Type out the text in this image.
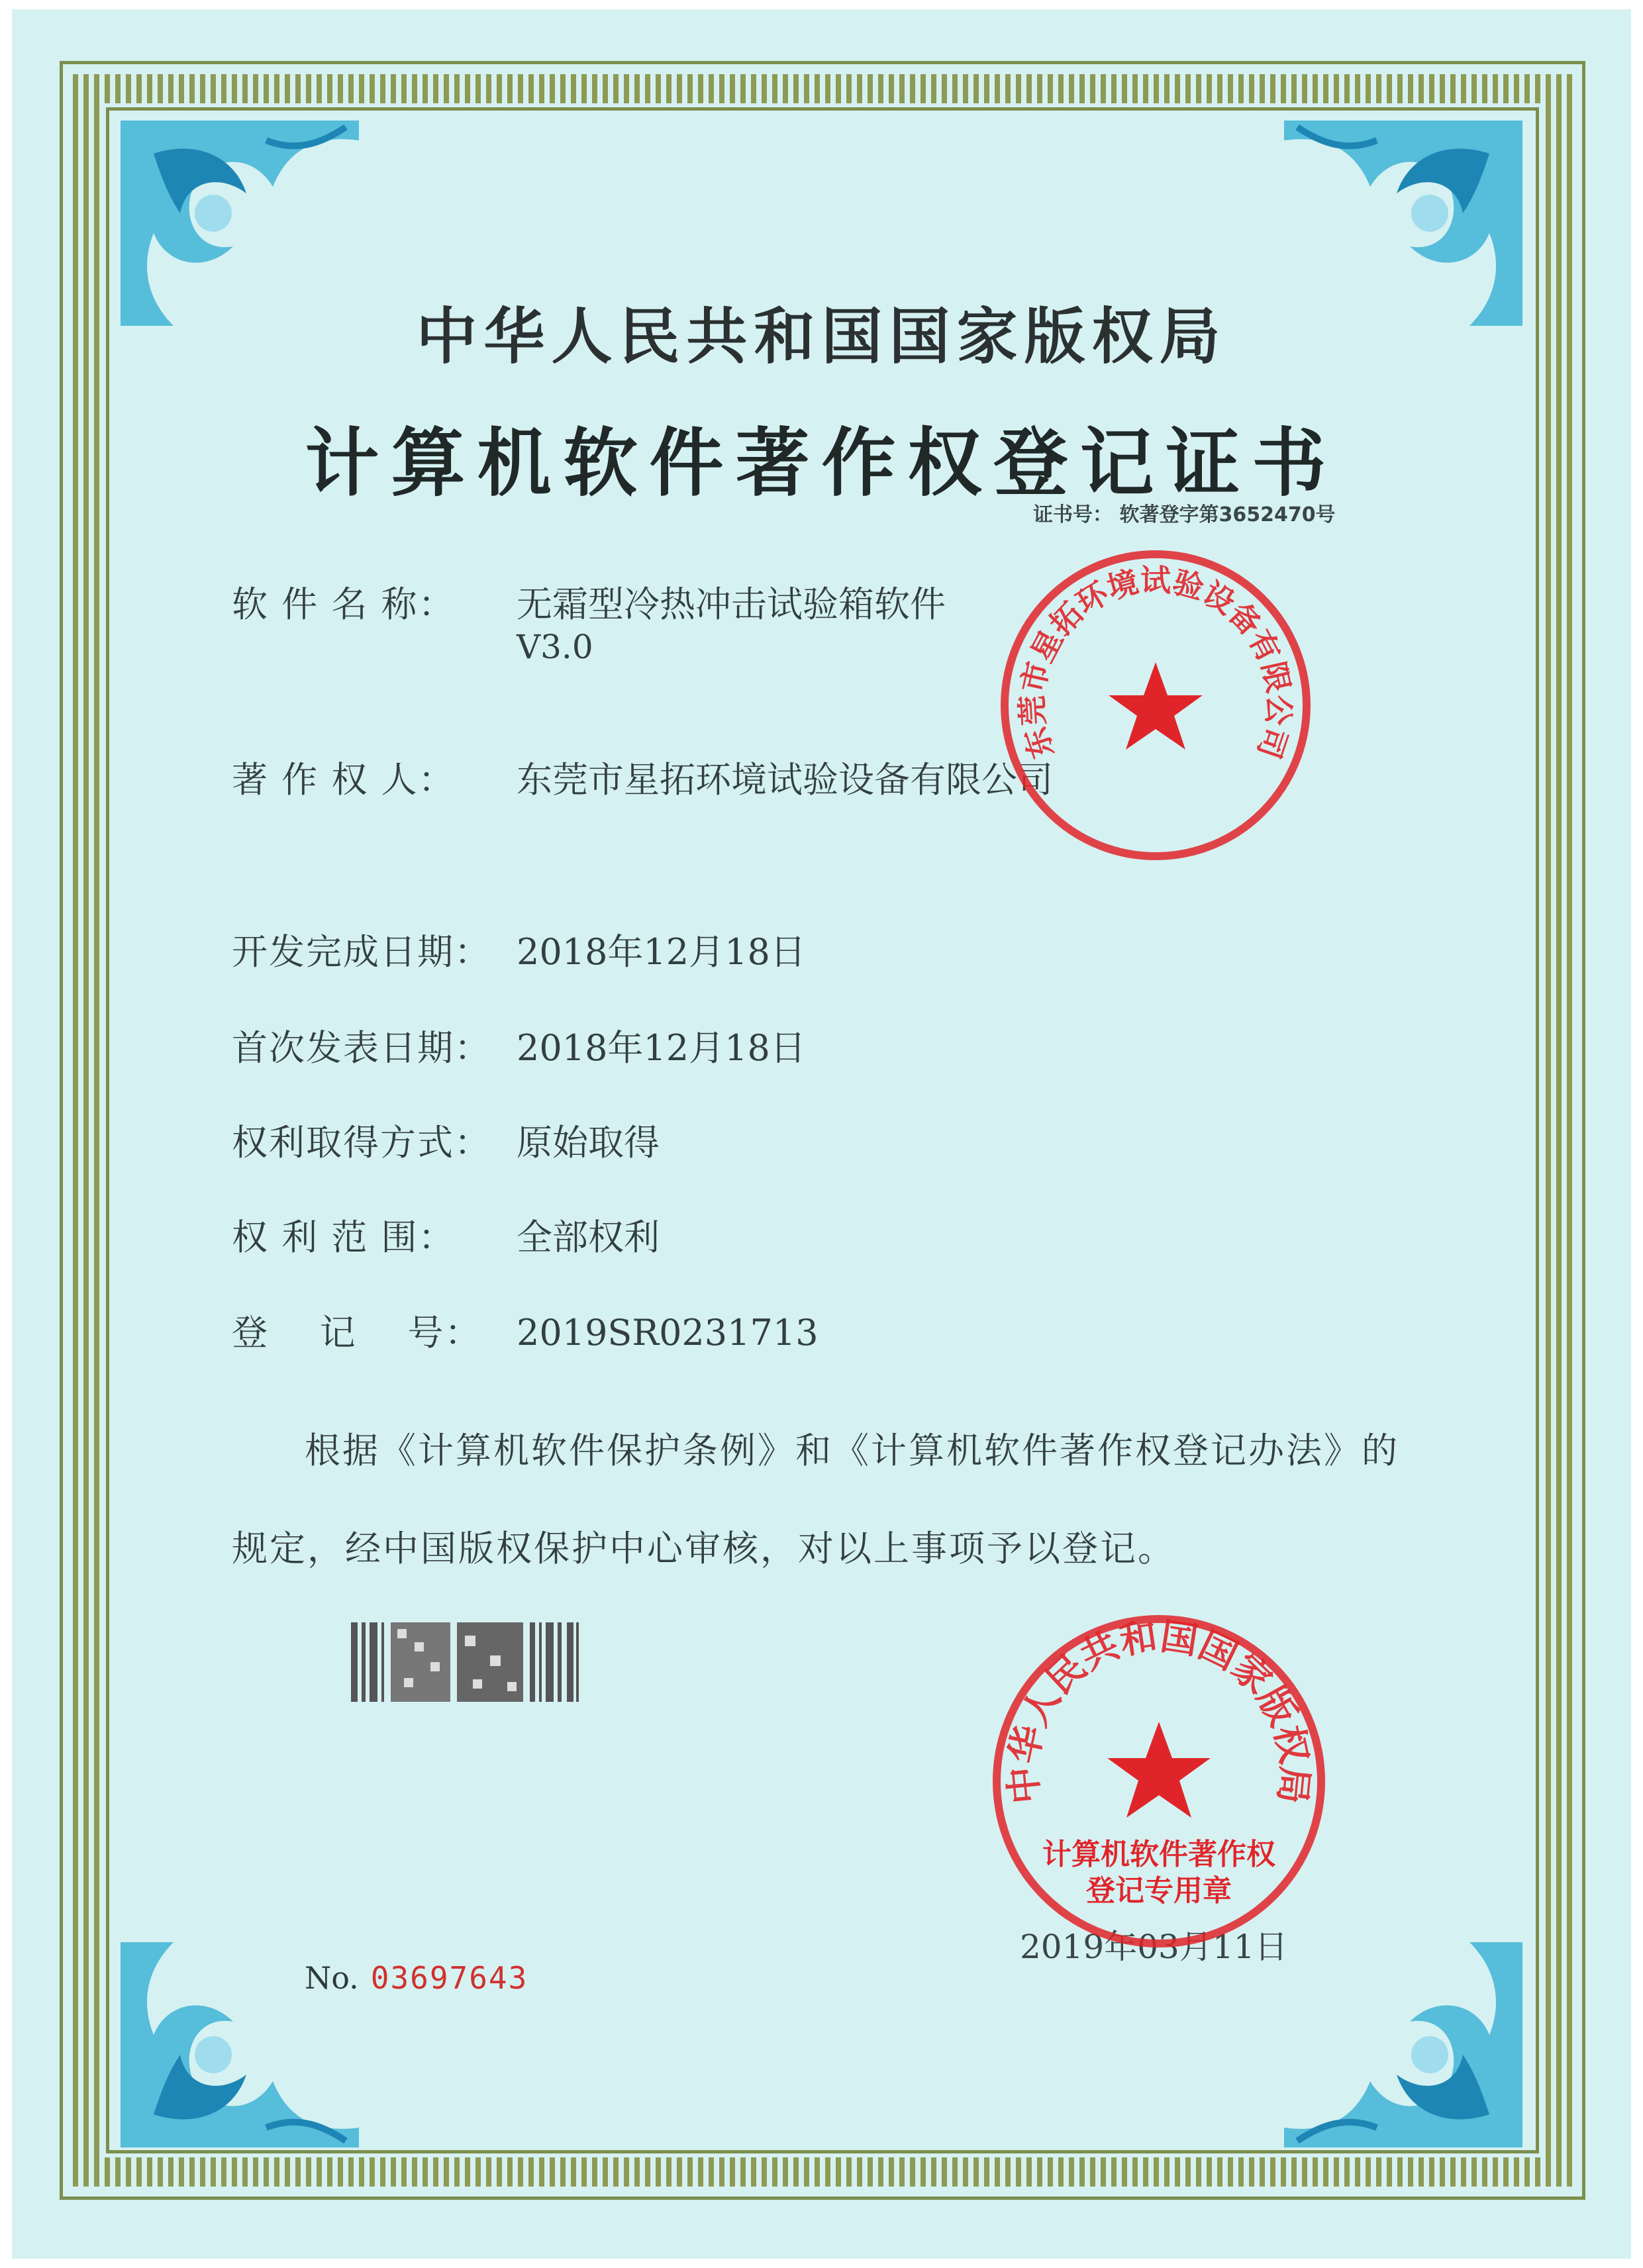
中华人民共和国国家版权局
计算机软件著作权登记证书
证书号： 软著登字第3652470号
软 件 名 称： 无霜型冷热冲击试验箱软件
V3.0
著 作 权 人： 东莞市星拓环境试验设备有限公司
开发完成日期： 2018年12月18日
首次发表日期： 2018年12月18日
权利取得方式： 原始取得
权 利 范 围： 全部权利
登    记    号： 2019SR0231713
根据《计算机软件保护条例》和《计算机软件著作权登记办法》的
规定，经中国版权保护中心审核，对以上事项予以登记。
No. 03697643
2019年03月11日
东莞市星拓环境试验设备有限公司
中华人民共和国国家版权局
计算机软件著作权
登记专用章
